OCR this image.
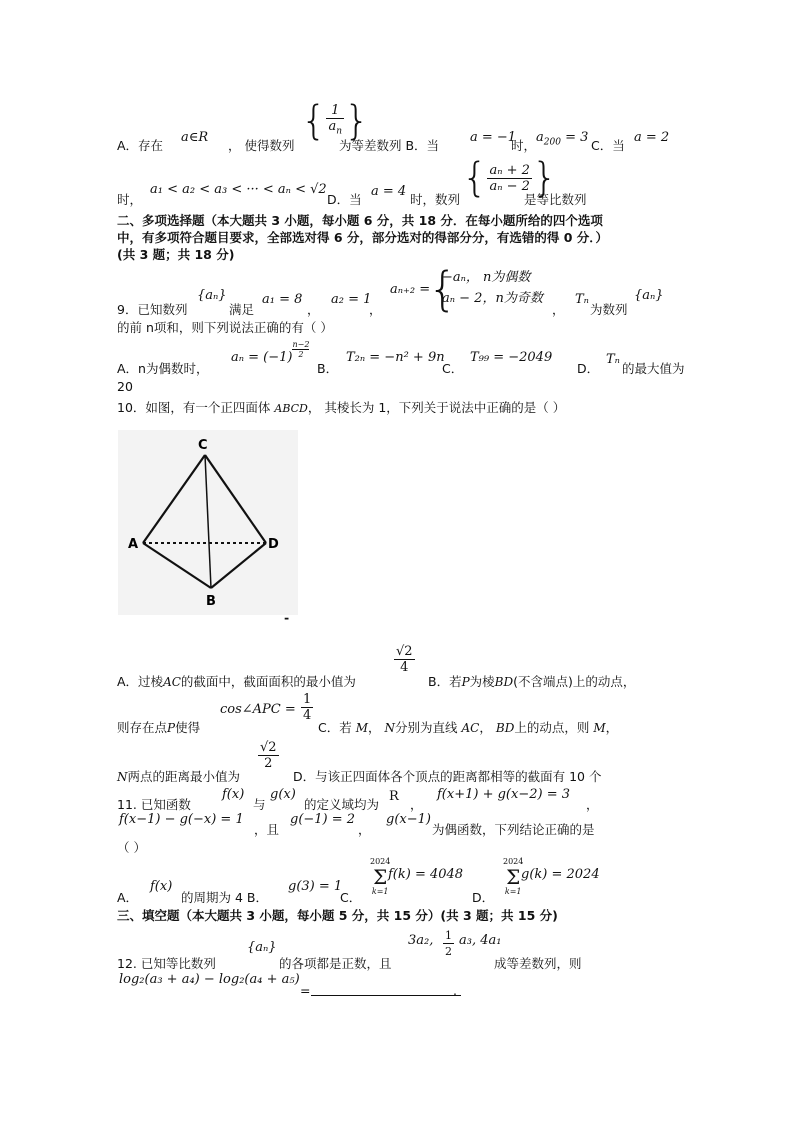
A．存在
a∈R
， 使得数列
{ $\frac{1}{a_n}$ }
为等差数列 B．当
a = −1
时，
$a_{200} = 3$
C．当
a = 2
时，
a₁ < a₂ < a₃ < ··· < aₙ < √2
D．当
a = 4
时，数列 { $\frac{\text{aₙ + 2}}{\text{aₙ − 2}}$ }
是等比数列
二、多项选择题（本大题共 3 小题，每小题 6 分，共 18 分．在每小题所给的四个选项
中，有多项符合题目要求，全部选对得 6 分，部分选对的得部分分，有选错的得 0 分．）
(共 3 题；共 18 分)
9．已知数列
{aₙ}
满足
a₁ = 8
，
a₂ = 1
，
aₙ₊₂ =
{
−aₙ， n为偶数
aₙ − 2，n为奇数
，
Tₙ
为数列
{aₙ}
的前 n项和，则下列说法正确的有（ ）
A．n为偶数时，
$a_n = (-1) \frac{n-2}{2}$
B．
T₂ₙ = −n² + 9n
C．
T₉₉ = −2049
D．
Tₙ
的最大值为
20
10．如图，有一个正四面体 ABCD， 其棱长为 1，下列关于说法中正确的是（ ）
C
A	D
B
-
A．过棱AC的截面中，截面面积的最小值为
$\frac{√2}{4}$
B．若P为棱BD(不含端点)上的动点，
则存在点P使得
cos∠APC = $\frac{1}{4}$
C．若 M， N分别为直线 AC， BD上的动点，则 M，
N两点的距离最小值为
$\frac{√2}{2}$
D．与该正四面体各个顶点的距离都相等的截面有 10 个
11. 已知函数
f(x)
与
g(x)
的定义域均为
R
，
f(x+1) + g(x−2) = 3
，
f(x−1) − g(−x) = 1
，且
g(−1) = 2
，
g(x−1)
为偶函数，下列结论正确的是
（ ）
A．
f(x)
的周期为 4 B．
g(3) = 1
C．
2024
Σ
k=1
f(k) = 4048
D．
2024
Σ
k=1
g(k) = 2024
三、填空题（本大题共 3 小题，每小题 5 分，共 15 分）(共 3 题；共 15 分)
12. 已知等比数列
{aₙ}
的各项都是正数，且
3a₂, $\frac{1}{2} a_3$, 4a₁
成等差数列，则
log₂(a₃ + a₄) − log₂(a₄ + a₅)
=	.
